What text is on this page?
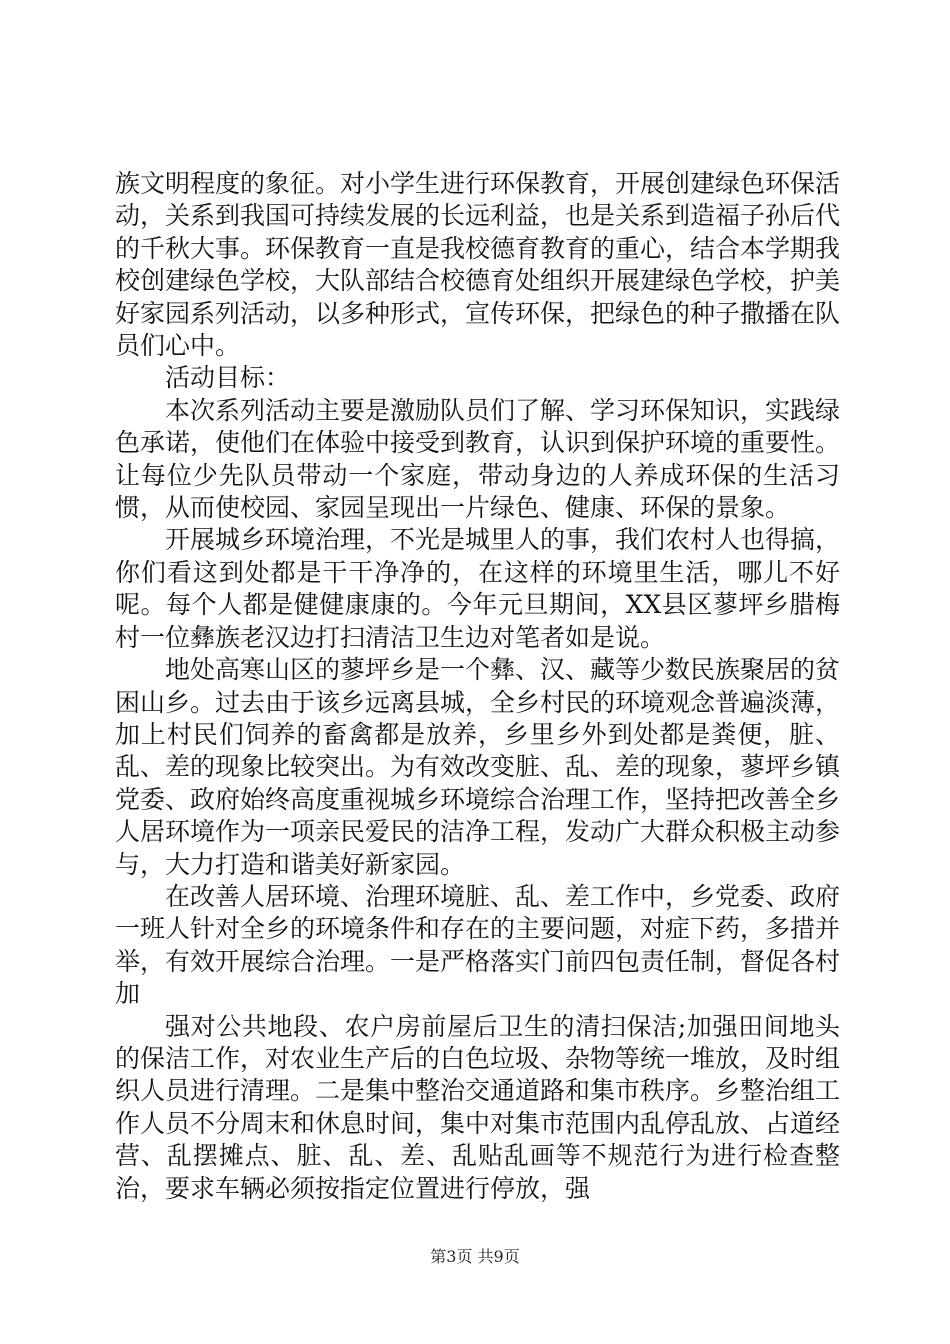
族文明程度的象征。对小学生进行环保教育，开展创建绿色环保活动，关系到我国可持续发展的长远利益，也是关系到造福子孙后代的千秋大事。环保教育一直是我校德育教育的重心，结合本学期我校创建绿色学校，大队部结合校德育处组织开展建绿色学校，护美好家园系列活动，以多种形式，宣传环保，把绿色的种子撒播在队员们心中。

活动目标：

本次系列活动主要是激励队员们了解、学习环保知识，实践绿色承诺，使他们在体验中接受到教育，认识到保护环境的重要性。让每位少先队员带动一个家庭，带动身边的人养成环保的生活习惯，从而使校园、家园呈现出一片绿色、健康、环保的景象。

开展城乡环境治理，不光是城里人的事，我们农村人也得搞，你们看这到处都是干干净净的，在这样的环境里生活，哪儿不好呢。每个人都是健健康康的。今年元旦期间，XX县区蓼坪乡腊梅村一位彝族老汉边打扫清洁卫生边对笔者如是说。

地处高寒山区的蓼坪乡是一个彝、汉、藏等少数民族聚居的贫困山乡。过去由于该乡远离县城，全乡村民的环境观念普遍淡薄，加上村民们饲养的畜禽都是放养，乡里乡外到处都是粪便，脏、乱、差的现象比较突出。为有效改变脏、乱、差的现象，蓼坪乡镇党委、政府始终高度重视城乡环境综合治理工作，坚持把改善全乡人居环境作为一项亲民爱民的洁净工程，发动广大群众积极主动参与，大力打造和谐美好新家园。

在改善人居环境、治理环境脏、乱、差工作中，乡党委、政府一班人针对全乡的环境条件和存在的主要问题，对症下药，多措并举，有效开展综合治理。一是严格落实门前四包责任制，督促各村加

强对公共地段、农户房前屋后卫生的清扫保洁;加强田间地头的保洁工作，对农业生产后的白色垃圾、杂物等统一堆放，及时组织人员进行清理。二是集中整治交通道路和集市秩序。乡整治组工作人员不分周末和休息时间，集中对集市范围内乱停乱放、占道经营、乱摆摊点、脏、乱、差、乱贴乱画等不规范行为进行检查整治，要求车辆必须按指定位置进行停放，强

第3页 共9页
